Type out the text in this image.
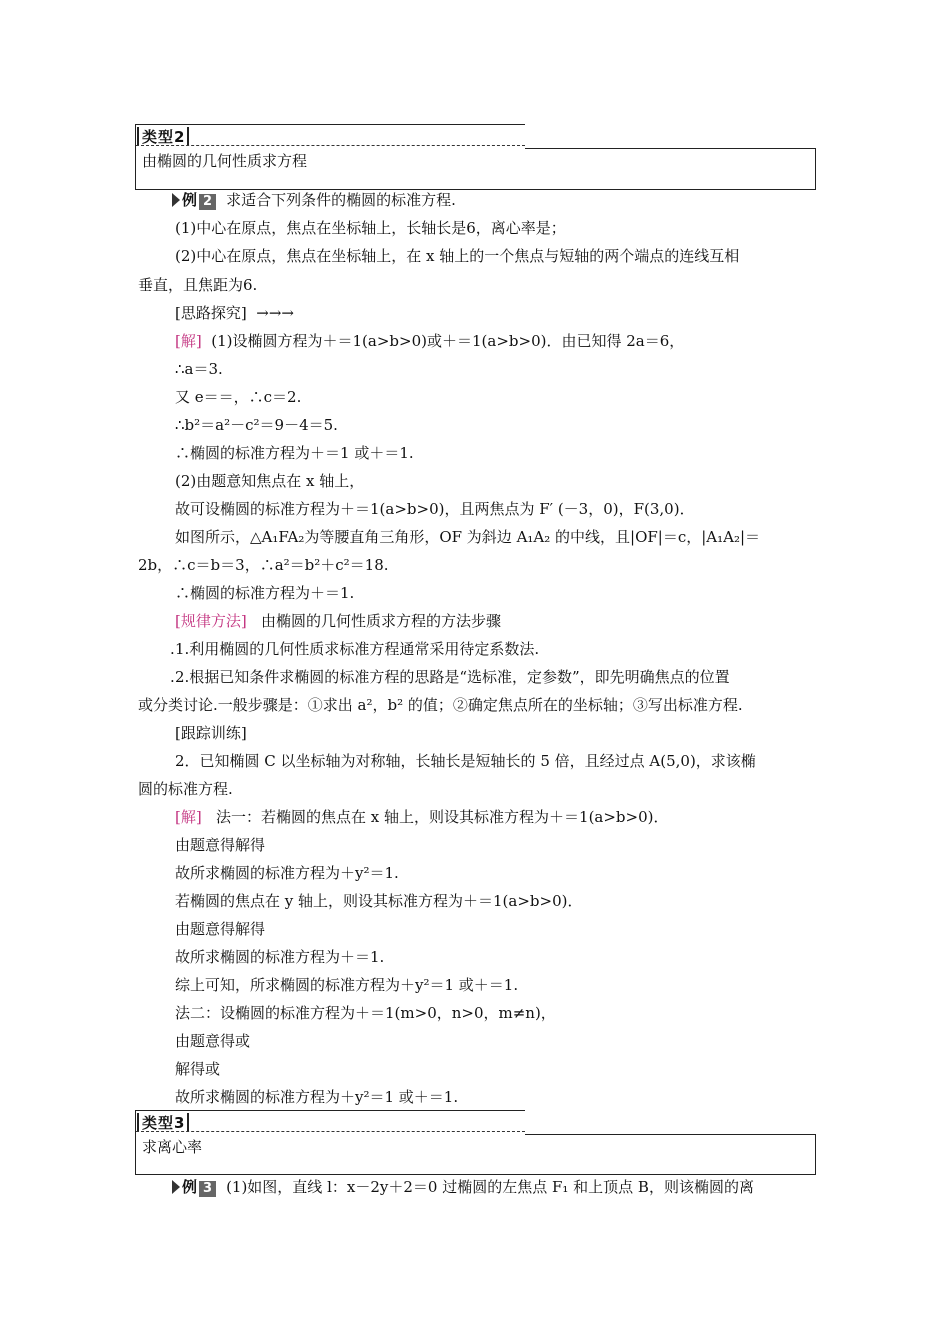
类型2
由椭圆的几何性质求方程
例 2 求适合下列条件的椭圆的标准方程.
(1)中心在原点，焦点在坐标轴上，长轴长是6，离心率是；
(2)中心在原点，焦点在坐标轴上，在 x 轴上的一个焦点与短轴的两个端点的连线互相
垂直，且焦距为6.
[思路探究] →→→
[解] (1)设椭圆方程为＋＝1(a>b>0)或＋＝1(a>b>0)．由已知得 2a＝6，
∴a＝3.
又 e＝＝，∴c＝2.
∴b²＝a²－c²＝9－4＝5.
∴椭圆的标准方程为＋＝1 或＋＝1.
(2)由题意知焦点在 x 轴上，
故可设椭圆的标准方程为＋＝1(a>b>0)，且两焦点为 F′ (－3，0)，F(3,0)．
如图所示，△A₁FA₂为等腰直角三角形，OF 为斜边 A₁A₂ 的中线，且|OF|＝c，|A₁A₂|＝
2b，∴c＝b＝3，∴a²＝b²＋c²＝18.
∴椭圆的标准方程为＋＝1.
[规律方法] 由椭圆的几何性质求方程的方法步骤
. 1.利用椭圆的几何性质求标准方程通常采用待定系数法.
. 2.根据已知条件求椭圆的标准方程的思路是“选标准，定参数”，即先明确焦点的位置
或分类讨论.一般步骤是：①求出 a²，b² 的值；②确定焦点所在的坐标轴；③写出标准方程.
[跟踪训练]
2．已知椭圆 C 以坐标轴为对称轴，长轴长是短轴长的 5 倍，且经过点 A(5,0)，求该椭
圆的标准方程.
[解] 法一：若椭圆的焦点在 x 轴上，则设其标准方程为＋＝1(a>b>0)．
由题意得解得
故所求椭圆的标准方程为＋y²＝1.
若椭圆的焦点在 y 轴上，则设其标准方程为＋＝1(a>b>0)．
由题意得解得
故所求椭圆的标准方程为＋＝1.
综上可知，所求椭圆的标准方程为＋y²＝1 或＋＝1.
法二：设椭圆的标准方程为＋＝1(m>0，n>0，m≠n)，
由题意得或
解得或
故所求椭圆的标准方程为＋y²＝1 或＋＝1.
类型3
求离心率
例 3 (1)如图，直线 l：x－2y＋2＝0 过椭圆的左焦点 F₁ 和上顶点 B，则该椭圆的离
